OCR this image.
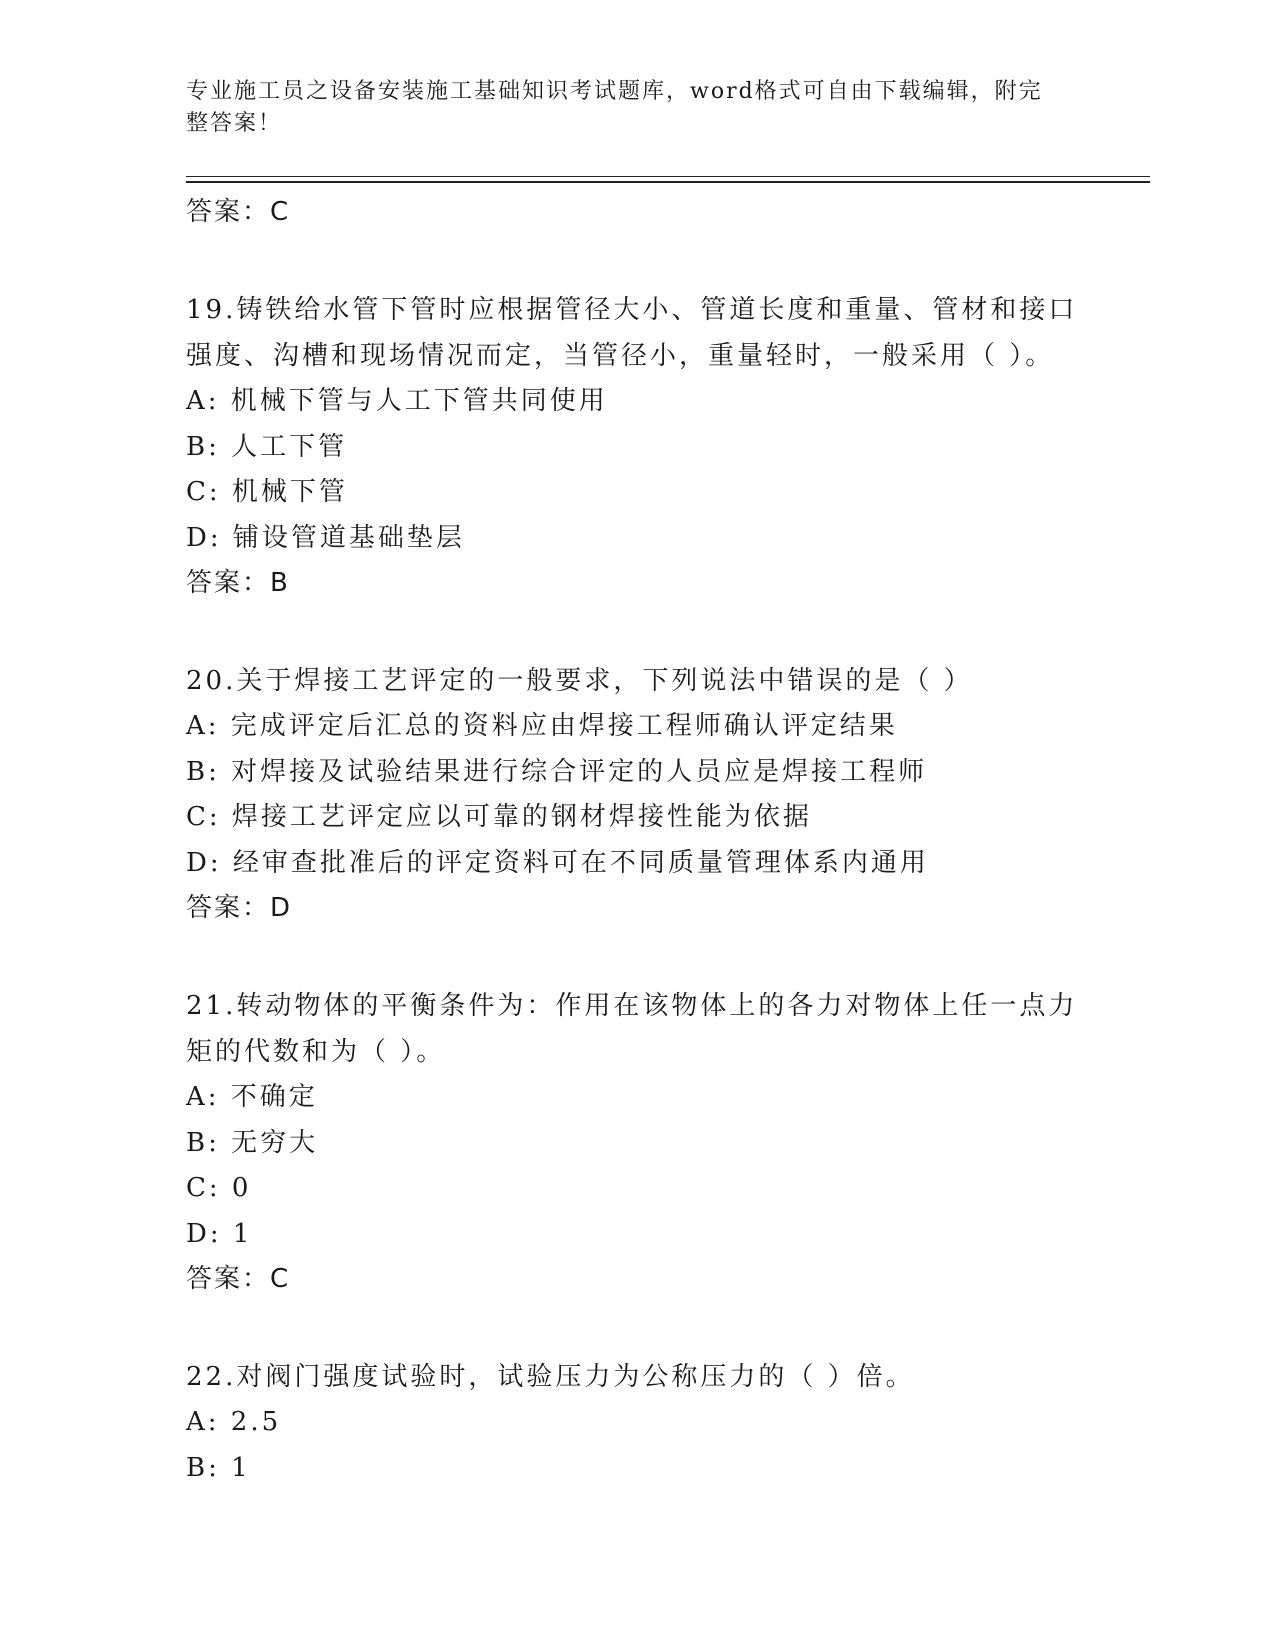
专业施工员之设备安装施工基础知识考试题库，word格式可自由下载编辑，附完整答案！
答案：C
19.铸铁给水管下管时应根据管径大小、管道长度和重量、管材和接口强度、沟槽和现场情况而定，当管径小，重量轻时，一般采用（ ）。
A: 机械下管与人工下管共同使用
B: 人工下管
C: 机械下管
D: 铺设管道基础垫层
答案：B
20.关于焊接工艺评定的一般要求，下列说法中错误的是（ ）
A: 完成评定后汇总的资料应由焊接工程师确认评定结果
B: 对焊接及试验结果进行综合评定的人员应是焊接工程师
C: 焊接工艺评定应以可靠的钢材焊接性能为依据
D: 经审查批准后的评定资料可在不同质量管理体系内通用
答案：D
21.转动物体的平衡条件为：作用在该物体上的各力对物体上任一点力矩的代数和为（ ）。
A: 不确定
B: 无穷大
C: 0
D: 1
答案：C
22.对阀门强度试验时，试验压力为公称压力的（ ）倍。
A: 2.5
B: 1
